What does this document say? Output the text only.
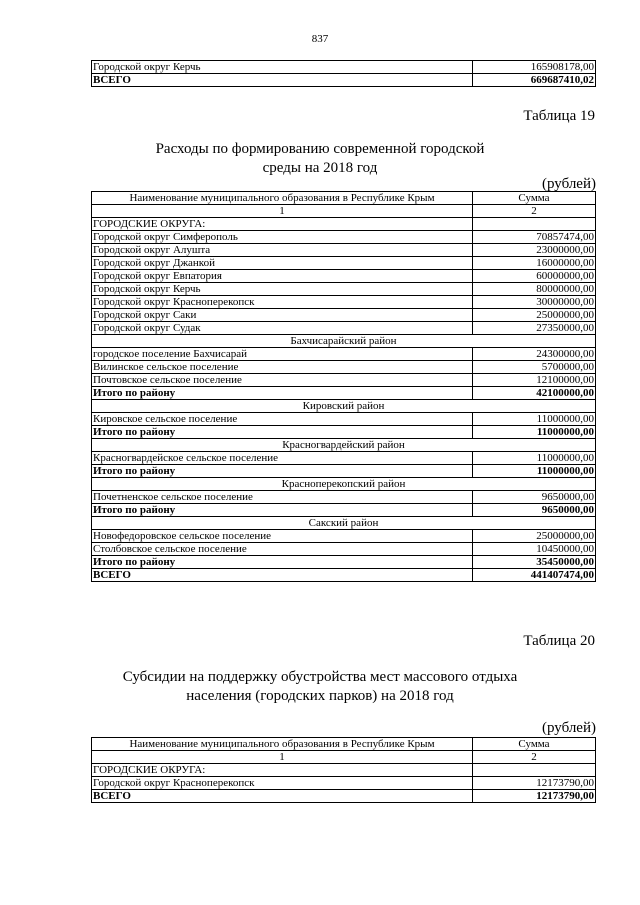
837
Городской округ Керчь	165908178,00
ВСЕГО	669687410,02
Таблица 19
Расходы по формированию современной городской
среды на 2018 год
(рублей)
Наименование муниципального образования в Республике Крым	Сумма
1	2
ГОРОДСКИЕ ОКРУГА:	
Городской округ Симферополь	70857474,00
Городской округ Алушта	23000000,00
Городской округ Джанкой	16000000,00
Городской округ Евпатория	60000000,00
Городской округ Керчь	80000000,00
Городской округ Красноперекопск	30000000,00
Городской округ Саки	25000000,00
Городской округ Судак	27350000,00
Бахчисарайский район	
городское поселение Бахчисарай	24300000,00
Вилинское сельское поселение	5700000,00
Почтовское сельское поселение	12100000,00
Итого по району	42100000,00
Кировский район	
Кировское сельское поселение	11000000,00
Итого по району	11000000,00
Красногвардейский район	
Красногвардейское сельское поселение	11000000,00
Итого по району	11000000,00
Красноперекопский район	
Почетненское сельское поселение	9650000,00
Итого по району	9650000,00
Сакский район	
Новофедоровское сельское поселение	25000000,00
Столбовское сельское поселение	10450000,00
Итого по району	35450000,00
ВСЕГО	441407474,00
Таблица 20
Субсидии на поддержку обустройства мест массового отдыха
населения (городских парков) на 2018 год
(рублей)
Наименование муниципального образования в Республике Крым	Сумма
1	2
ГОРОДСКИЕ ОКРУГА:	
Городской округ Красноперекопск	12173790,00
ВСЕГО	12173790,00
